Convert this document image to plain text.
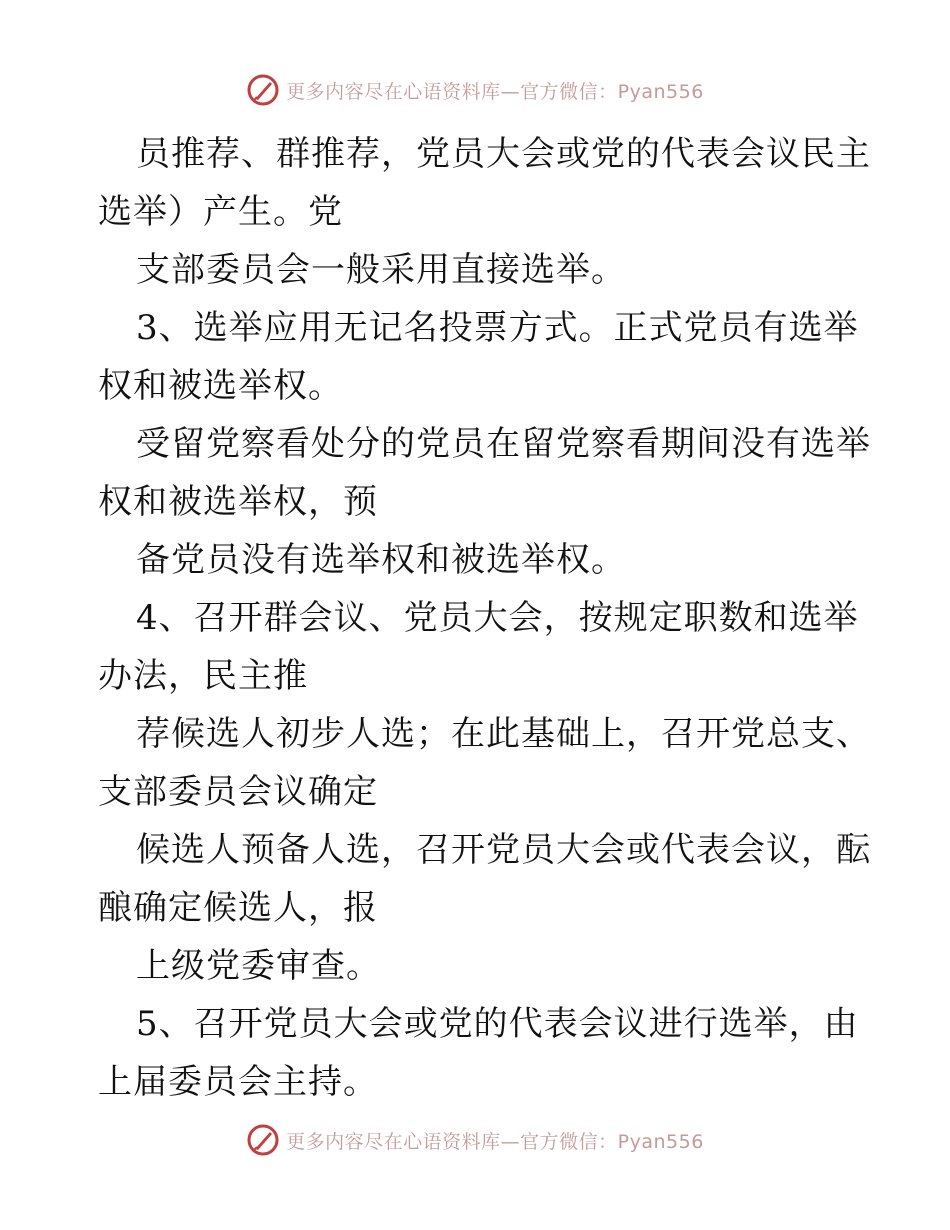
更多内容尽在心语资料库—官方微信：Pyan556
员推荐、群推荐，党员大会或党的代表会议民主
选举）产生。党
支部委员会一般采用直接选举。
3、选举应用无记名投票方式。正式党员有选举
权和被选举权。
受留党察看处分的党员在留党察看期间没有选举
权和被选举权，预
备党员没有选举权和被选举权。
4、召开群会议、党员大会，按规定职数和选举
办法，民主推
荐候选人初步人选；在此基础上，召开党总支、
支部委员会议确定
候选人预备人选，召开党员大会或代表会议，酝
酿确定候选人，报
上级党委审查。
5、召开党员大会或党的代表会议进行选举，由
上届委员会主持。
更多内容尽在心语资料库—官方微信：Pyan556
